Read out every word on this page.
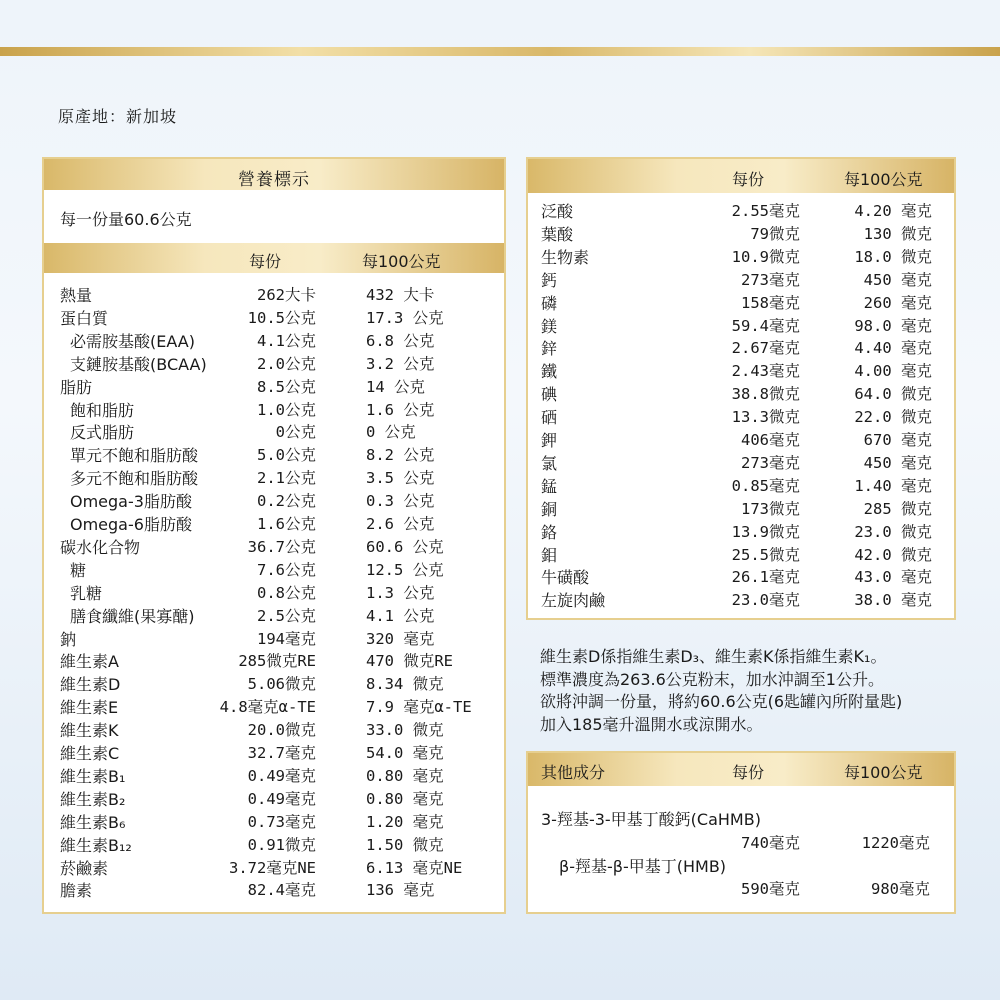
原產地：新加坡
營養標示
每一份量60.6公克
每份	每100公克
熱量	262大卡	432 大卡
蛋白質	10.5公克	17.3 公克
必需胺基酸(EAA)	4.1公克	6.8 公克
支鏈胺基酸(BCAA)	2.0公克	3.2 公克
脂肪	8.5公克	14 公克
飽和脂肪	1.0公克	1.6 公克
反式脂肪	0公克	0 公克
單元不飽和脂肪酸	5.0公克	8.2 公克
多元不飽和脂肪酸	2.1公克	3.5 公克
Omega-3脂肪酸	0.2公克	0.3 公克
Omega-6脂肪酸	1.6公克	2.6 公克
碳水化合物	36.7公克	60.6 公克
糖	7.6公克	12.5 公克
乳糖	0.8公克	1.3 公克
膳食纖維(果寡醣)	2.5公克	4.1 公克
鈉	194毫克	320 毫克
維生素A	285微克RE	470 微克RE
維生素D	5.06微克	8.34 微克
維生素E	4.8毫克α-TE	7.9 毫克α-TE
維生素K	20.0微克	33.0 微克
維生素C	32.7毫克	54.0 毫克
維生素B₁	0.49毫克	0.80 毫克
維生素B₂	0.49毫克	0.80 毫克
維生素B₆	0.73毫克	1.20 毫克
維生素B₁₂	0.91微克	1.50 微克
菸鹼素	3.72毫克NE	6.13 毫克NE
膽素	82.4毫克	136 毫克
每份	每100公克
泛酸	2.55毫克	4.20 毫克
葉酸	79微克	130 微克
生物素	10.9微克	18.0 微克
鈣	273毫克	450 毫克
磷	158毫克	260 毫克
鎂	59.4毫克	98.0 毫克
鋅	2.67毫克	4.40 毫克
鐵	2.43毫克	4.00 毫克
碘	38.8微克	64.0 微克
硒	13.3微克	22.0 微克
鉀	406毫克	670 毫克
氯	273毫克	450 毫克
錳	0.85毫克	1.40 毫克
銅	173微克	285 微克
鉻	13.9微克	23.0 微克
鉬	25.5微克	42.0 微克
牛磺酸	26.1毫克	43.0 毫克
左旋肉鹼	23.0毫克	38.0 毫克
維生素D係指維生素D₃、維生素K係指維生素K₁。
標準濃度為263.6公克粉末，加水沖調至1公升。
欲將沖調一份量，將約60.6公克(6匙罐內所附量匙)
加入185毫升溫開水或涼開水。
其他成分	每份	每100公克
3-羥基-3-甲基丁酸鈣(CaHMB)
740毫克	1220毫克
β-羥基-β-甲基丁(HMB)
590毫克	980毫克
